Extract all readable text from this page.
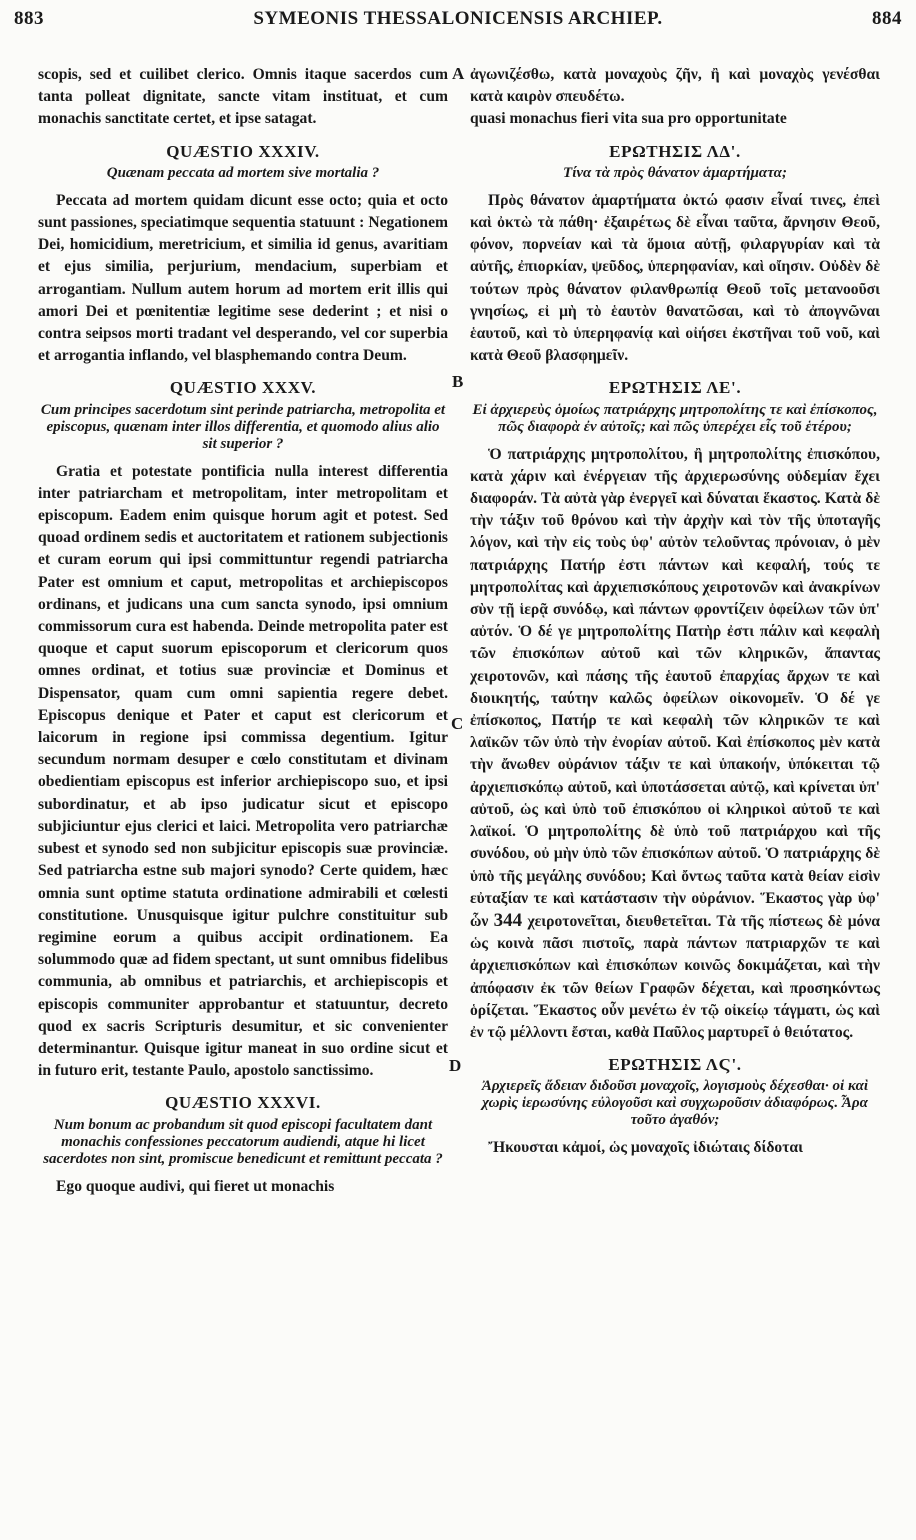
883	SYMEONIS THESSALONICENSIS ARCHIEP.	884
A
B
C
D

scopis, sed et cuilibet clerico. Omnis itaque sacerdos cum tanta polleat dignitate, sancte vitam instituat, et cum monachis sanctitate certet, et ipse satagat.

QUÆSTIO XXXIV.
Quænam peccata ad mortem sive mortalia ?

Peccata ad mortem quidam dicunt esse octo; quia et octo sunt passiones, speciatimque sequentia statuunt : Negationem Dei, homicidium, meretricium, et similia id genus, avaritiam et ejus similia, perjurium, mendacium, superbiam et arrogantiam. Nullum autem horum ad mortem erit illis qui amori Dei et pœnitentiæ legitime sese dederint ; et nisi o contra seipsos morti tradant vel desperando, vel cor superbia et arrogantia inflando, vel blasphemando contra Deum.

QUÆSTIO XXXV.
Cum principes sacerdotum sint perinde patriarcha, metropolita et episcopus, quænam inter illos differentia, et quomodo alius alio sit superior ?

Gratia et potestate pontificia nulla interest differentia inter patriarcham et metropolitam, inter metropolitam et episcopum. Eadem enim quisque horum agit et potest. Sed quoad ordinem sedis et auctoritatem et rationem subjectionis et curam eorum qui ipsi committuntur regendi patriarcha Pater est omnium et caput, metropolitas et archiepiscopos ordinans, et judicans una cum sancta synodo, ipsi omnium commissorum cura est habenda. Deinde metropolita pater est quoque et caput suorum episcoporum et clericorum quos omnes ordinat, et totius suæ provinciæ et Dominus et Dispensator, quam cum omni sapientia regere debet. Episcopus denique et Pater et caput est clericorum et laicorum in regione ipsi commissa degentium. Igitur secundum normam desuper e cœlo constitutam et divinam obedientiam episcopus est inferior archiepiscopo suo, et ipsi subordinatur, et ab ipso judicatur sicut et episcopo subjiciuntur ejus clerici et laici. Metropolita vero patriarchæ subest et synodo sed non subjicitur episcopis suæ provinciæ. Sed patriarcha estne sub majori synodo? Certe quidem, hæc omnia sunt optime statuta ordinatione admirabili et cœlesti constitutione. Unusquisque igitur pulchre constituitur sub regimine eorum a quibus accipit ordinationem. Ea solummodo quæ ad fidem spectant, ut sunt omnibus fidelibus communia, ab omnibus et patriarchis, et archiepiscopis et episcopis communiter approbantur et statuuntur, decreto quod ex sacris Scripturis desumitur, et sic convenienter determinantur. Quisque igitur maneat in suo ordine sicut et in futuro erit, testante Paulo, apostolo sanctissimo.

QUÆSTIO XXXVI.
Num bonum ac probandum sit quod episcopi facultatem dant monachis confessiones peccatorum audiendi, atque hi licet sacerdotes non sint, promiscue benedicunt et remittunt peccata ?

Ego quoque audivi, qui fieret ut monachis

ἀγωνιζέσθω, κατὰ μοναχοὺς ζῆν, ἢ καὶ μοναχὸς γενέσθαι κατὰ καιρὸν σπευδέτω.

quasi monachus fieri vita sua pro opportunitate

ΕΡΩΤΗΣΙΣ ΛΔ'.
Τίνα τὰ πρὸς θάνατον ἁμαρτήματα;

Πρὸς θάνατον ἁμαρτήματα ὀκτώ φασιν εἶναί τινες, ἐπεὶ καὶ ὀκτὼ τὰ πάθη· ἐξαιρέτως δὲ εἶναι ταῦτα, ἄρνησιν Θεοῦ, φόνον, πορνείαν καὶ τὰ ὅμοια αὐτῇ, φιλαργυρίαν καὶ τὰ αὐτῆς, ἐπιορκίαν, ψεῦδος, ὑπερηφανίαν, καὶ οἴησιν. Οὐδὲν δὲ τούτων πρὸς θάνατον φιλανθρωπίᾳ Θεοῦ τοῖς μετανοοῦσι γνησίως, εἰ μὴ τὸ ἑαυτὸν θανατῶσαι, καὶ τὸ ἀπογνῶναι ἑαυτοῦ, καὶ τὸ ὑπερηφανίᾳ καὶ οἰήσει ἐκστῆναι τοῦ νοῦ, καὶ κατὰ Θεοῦ βλασφημεῖν.

ΕΡΩΤΗΣΙΣ ΛΕ'.
Εἰ ἀρχιερεὺς ὁμοίως πατριάρχης μητροπολίτης τε καὶ ἐπίσκοπος, πῶς διαφορὰ ἐν αὐτοῖς; καὶ πῶς ὑπερέχει εἷς τοῦ ἑτέρου;

Ὁ πατριάρχης μητροπολίτου, ἢ μητροπολίτης ἐπισκόπου, κατὰ χάριν καὶ ἐνέργειαν τῆς ἀρχιερωσύνης οὐδεμίαν ἔχει διαφοράν. Τὰ αὐτὰ γὰρ ἐνεργεῖ καὶ δύναται ἕκαστος. Κατὰ δὲ τὴν τάξιν τοῦ θρόνου καὶ τὴν ἀρχὴν καὶ τὸν τῆς ὑποταγῆς λόγον, καὶ τὴν εἰς τοὺς ὑφ' αὐτὸν τελοῦντας πρόνοιαν, ὁ μὲν πατριάρχης Πατήρ ἐστι πάντων καὶ κεφαλή, τούς τε μητροπολίτας καὶ ἀρχιεπισκόπους χειροτονῶν καὶ ἀνακρίνων σὺν τῇ ἱερᾷ συνόδῳ, καὶ πάντων φροντίζειν ὀφείλων τῶν ὑπ' αὐτόν. Ὁ δέ γε μητροπολίτης Πατὴρ ἐστι πάλιν καὶ κεφαλὴ τῶν ἐπισκόπων αὐτοῦ καὶ τῶν κληρικῶν, ἅπαντας χειροτονῶν, καὶ πάσης τῆς ἑαυτοῦ ἐπαρχίας ἄρχων τε καὶ διοικητής, ταύτην καλῶς ὀφείλων οἰκονομεῖν. Ὁ δέ γε ἐπίσκοπος, Πατήρ τε καὶ κεφαλὴ τῶν κληρικῶν τε καὶ λαϊκῶν τῶν ὑπὸ τὴν ἐνορίαν αὐτοῦ. Καὶ ἐπίσκοπος μὲν κατὰ τὴν ἄνωθεν οὐράνιον τάξιν τε καὶ ὑπακοήν, ὑπόκειται τῷ ἀρχιεπισκόπῳ αὐτοῦ, καὶ ὑποτάσσεται αὐτῷ, καὶ κρίνεται ὑπ' αὐτοῦ, ὡς καὶ ὑπὸ τοῦ ἐπισκόπου οἱ κληρικοὶ αὐτοῦ τε καὶ λαϊκοί. Ὁ μητροπολίτης δὲ ὑπὸ τοῦ πατριάρχου καὶ τῆς συνόδου, οὐ μὴν ὑπὸ τῶν ἐπισκόπων αὐτοῦ. Ὁ πατριάρχης δὲ ὑπὸ τῆς μεγάλης συνόδου; Καὶ ὄντως ταῦτα κατὰ θείαν εἰσὶν εὐταξίαν τε καὶ κατάστασιν τὴν οὐράνιον. Ἕκαστος γὰρ ὑφ' ὧν 344 χειροτονεῖται, διευθετεῖται. Τὰ τῆς πίστεως δὲ μόνα ὡς κοινὰ πᾶσι πιστοῖς, παρὰ πάντων πατριαρχῶν τε καὶ ἀρχιεπισκόπων καὶ ἐπισκόπων κοινῶς δοκιμάζεται, καὶ τὴν ἀπόφασιν ἐκ τῶν θείων Γραφῶν δέχεται, καὶ προσηκόντως ὁρίζεται. Ἕκαστος οὖν μενέτω ἐν τῷ οἰκείῳ τάγματι, ὡς καὶ ἐν τῷ μέλλοντι ἔσται, καθὰ Παῦλος μαρτυρεῖ ὁ θειότατος.

ΕΡΩΤΗΣΙΣ ΛϚ'.
Ἀρχιερεῖς ἄδειαν διδοῦσι μοναχοῖς, λογισμοὺς δέχεσθαι· οἱ καὶ χωρὶς ἱερωσύνης εὐλογοῦσι καὶ συγχωροῦσιν ἀδιαφόρως. Ἆρα τοῦτο ἀγαθόν;

Ἤκουσται κἀμοί, ὡς μοναχοῖς ἰδιώταις δίδοται
